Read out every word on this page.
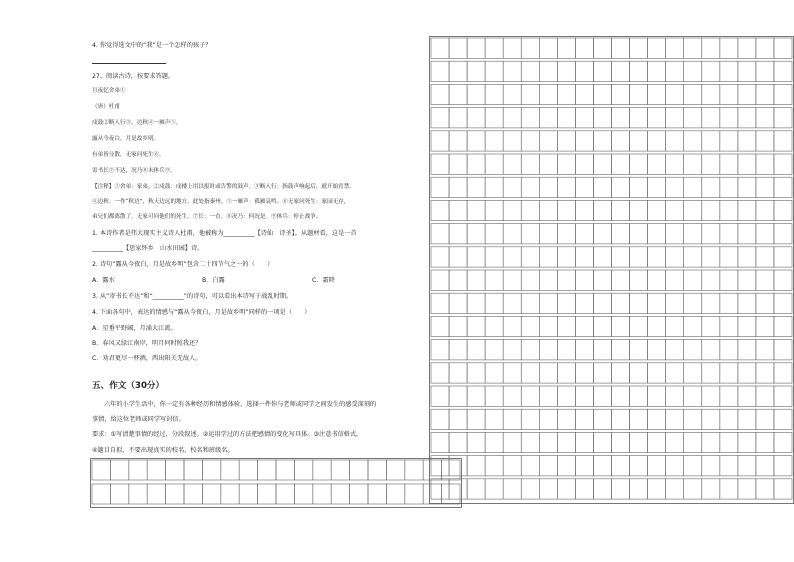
4. 你觉得选文中的“我”是一个怎样的孩子？
27、阅读古诗，按要求答题。
月夜忆舍弟①
（唐）杜甫
戍鼓②断人行③，边秋④一雁声⑤。
露从今夜白，月是故乡明。
有弟皆分散，无家问死生⑥。
寄书长⑦不达，况乃⑧未休兵⑨。
【注释】①舍弟：家弟。②戍鼓：戍楼上用以报时或告警的鼓声。③断人行：指鼓声响起后，就开始宵禁。
④边秋：一作“秋边”，秋天边远的地方，此处指秦州。⑤一雁声：孤雁哀鸣。⑥无家问死生：家园无存，
弟兄们都离散了，无家可问他们的死生。⑦长：一直。⑧况乃：何况是。⑨休兵：停止战争。
1. 本诗作者是伟大现实主义诗人杜甫，他被称为__________【诗仙　诗圣】。从题材看，这是一首
__________【思家怀乡　山水田园】诗。
2. 诗句“露从今夜白，月是故乡明”包含二十四节气之一的（　　）
A．露水	B．白露	C．霜降
3. 从“寄书长不达”和“__________”的诗句，可以看出本诗写于战乱时期。
4. 下面各句中，表达的情感与“露从今夜白，月是故乡明”同样的一项是（　　）
A．星垂平野阔，月涌大江流。
B．春风又绿江南岸，明月何时照我还？
C．劝君更尽一杯酒，西出阳关无故人。
五、作文（30分）
六年的小学生活中，你一定有各种经历和情感体验，选择一件你与老师或同学之间发生的感受深刻的
事情，给这位老师或同学写封信。
要求：①写清楚事情的经过，分段叙述。②运用学过的方法把感情的变化写具体。③注意书信格式。
④题目自拟，不要出现真实的校名、校名和班级名。
